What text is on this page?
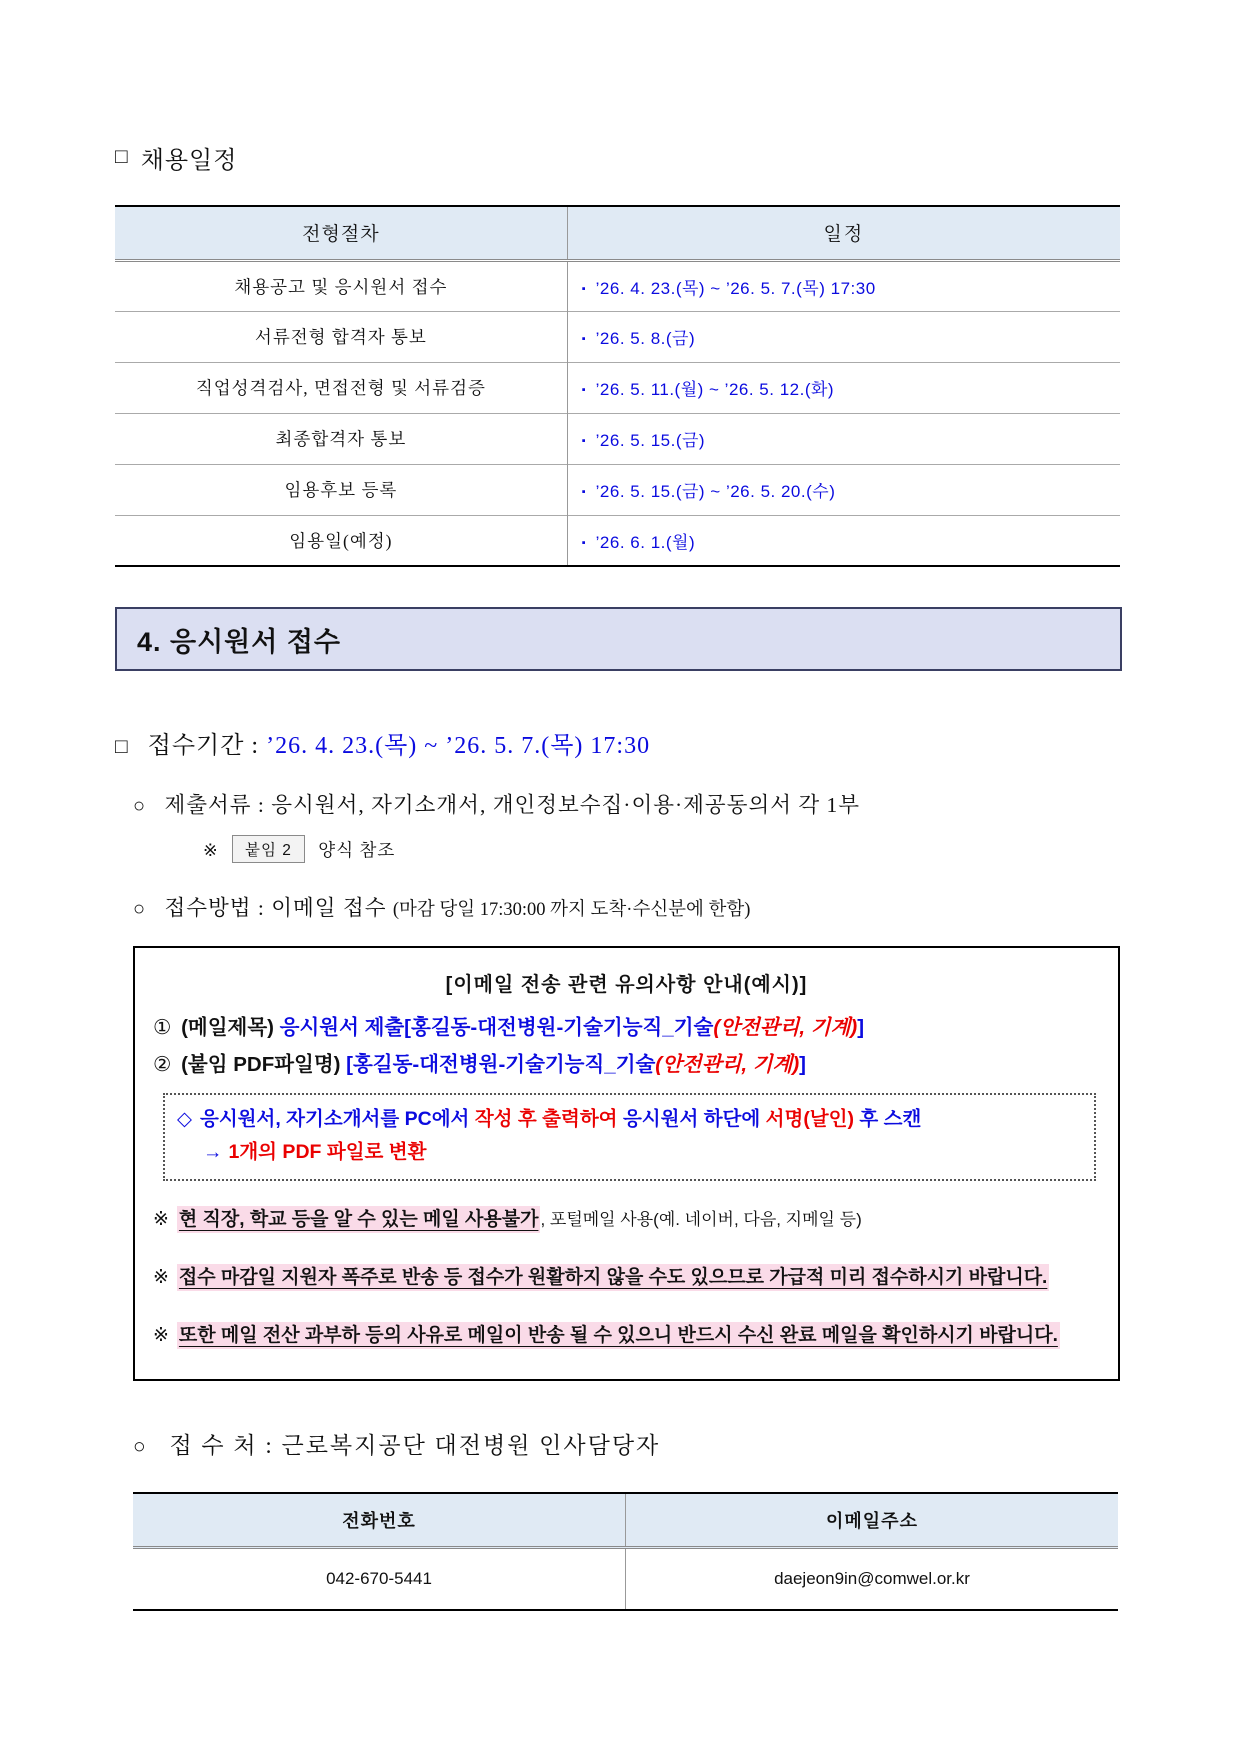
□ 채용일정
전형절차	일정
채용공고 및 응시원서 접수	▪ ’26. 4. 23.(목) ~ ’26. 5. 7.(목) 17:30
서류전형 합격자 통보	▪ ’26. 5. 8.(금)
직업성격검사, 면접전형 및 서류검증	▪ ’26. 5. 11.(월) ~ ’26. 5. 12.(화)
최종합격자 통보	▪ ’26. 5. 15.(금)
임용후보 등록	▪ ’26. 5. 15.(금) ~ ’26. 5. 20.(수)
임용일(예정)	▪ ’26. 6. 1.(월)
4. 응시원서 접수
□ 접수기간 : ’26. 4. 23.(목) ~ ’26. 5. 7.(목) 17:30
○ 제출서류 : 응시원서, 자기소개서, 개인정보수집·이용·제공동의서 각 1부
※ 붙임 2 양식 참조
○ 접수방법 : 이메일 접수 (마감 당일 17:30:00 까지 도착·수신분에 한함)
[이메일 전송 관련 유의사항 안내(예시)]
① (메일제목) 응시원서 제출[홍길동-대전병원-기술기능직_기술(안전관리, 기계)]
② (붙임 PDF파일명) [홍길동-대전병원-기술기능직_기술(안전관리, 기계)]
◇ 응시원서, 자기소개서를 PC에서 작성 후 출력하여 응시원서 하단에 서명(날인) 후 스캔
→ 1개의 PDF 파일로 변환
※ 현 직장, 학교 등을 알 수 있는 메일 사용불가 , 포털메일 사용(예. 네이버, 다음, 지메일 등)
※ 접수 마감일 지원자 폭주로 반송 등 접수가 원활하지 않을 수도 있으므로 가급적 미리 접수하시기 바랍니다.
※ 또한 메일 전산 과부하 등의 사유로 메일이 반송 될 수 있으니 반드시 수신 완료 메일을 확인하시기 바랍니다.
○ 접 수 처 : 근로복지공단 대전병원 인사담당자
전화번호	이메일주소
042-670-5441	daejeon9in@comwel.or.kr
